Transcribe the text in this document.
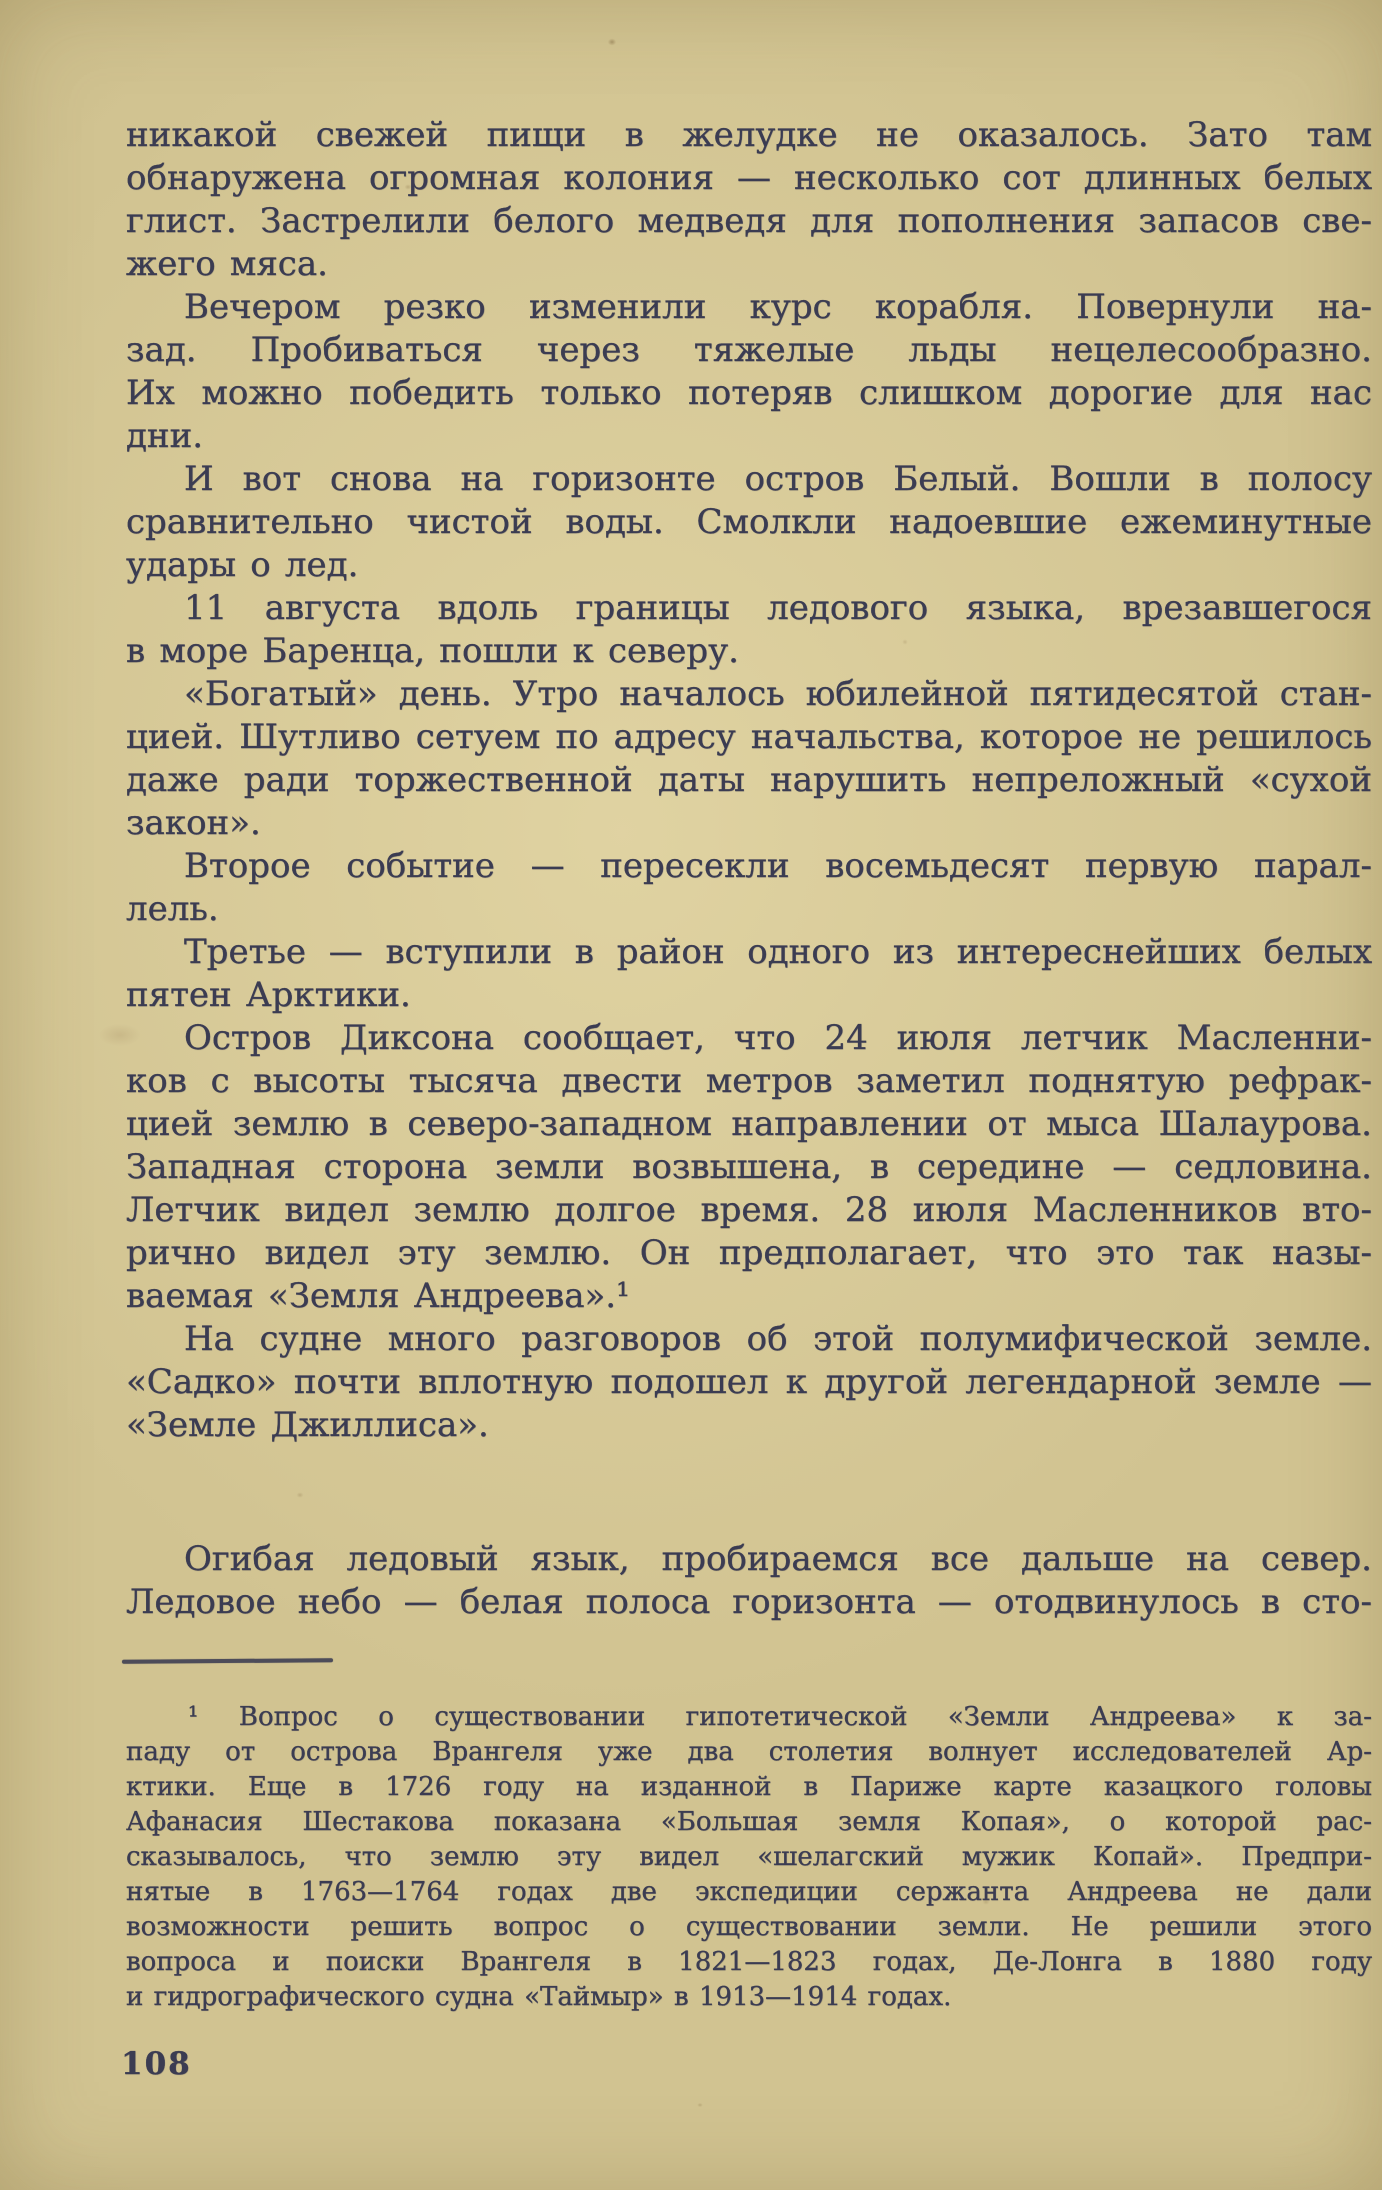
никакой свежей пищи в желудке не оказалось. Зато там
обнаружена огромная колония — несколько сот длинных белых
глист. Застрелили белого медведя для пополнения запасов све-
жего мяса.
Вечером резко изменили курс корабля. Повернули на-
зад. Пробиваться через тяжелые льды нецелесообразно.
Их можно победить только потеряв слишком дорогие для нас
дни.
И вот снова на горизонте остров Белый. Вошли в полосу
сравнительно чистой воды. Смолкли надоевшие ежеминутные
удары о лед.
11 августа вдоль границы ледового языка, врезавшегося
в море Баренца, пошли к северу.
«Богатый» день. Утро началось юбилейной пятидесятой стан-
цией. Шутливо сетуем по адресу начальства, которое не решилось
даже ради торжественной даты нарушить непреложный «сухой
закон».
Второе событие — пересекли восемьдесят первую парал-
лель.
Третье — вступили в район одного из интереснейших белых
пятен Арктики.
Остров Диксона сообщает, что 24 июля летчик Масленни-
ков с высоты тысяча двести метров заметил поднятую рефрак-
цией землю в северо-западном направлении от мыса Шалаурова.
Западная сторона земли возвышена, в середине — седловина.
Летчик видел землю долгое время. 28 июля Масленников вто-
рично видел эту землю. Он предполагает, что это так назы-
ваемая «Земля Андреева».¹
На судне много разговоров об этой полумифической земле.
«Садко» почти вплотную подошел к другой легендарной земле —
«Земле Джиллиса».
Огибая ледовый язык, пробираемся все дальше на север.
Ледовое небо — белая полоса горизонта — отодвинулось в сто-
¹ Вопрос о существовании гипотетической «Земли Андреева» к за-
паду от острова Врангеля уже два столетия волнует исследователей Ар-
ктики. Еще в 1726 году на изданной в Париже карте казацкого головы
Афанасия Шестакова показана «Большая земля Копая», о которой рас-
сказывалось, что землю эту видел «шелагский мужик Копай». Предпри-
нятые в 1763—1764 годах две экспедиции сержанта Андреева не дали
возможности решить вопрос о существовании земли. Не решили этого
вопроса и поиски Врангеля в 1821—1823 годах, Де-Лонга в 1880 году
и гидрографического судна «Таймыр» в 1913—1914 годах.
108
